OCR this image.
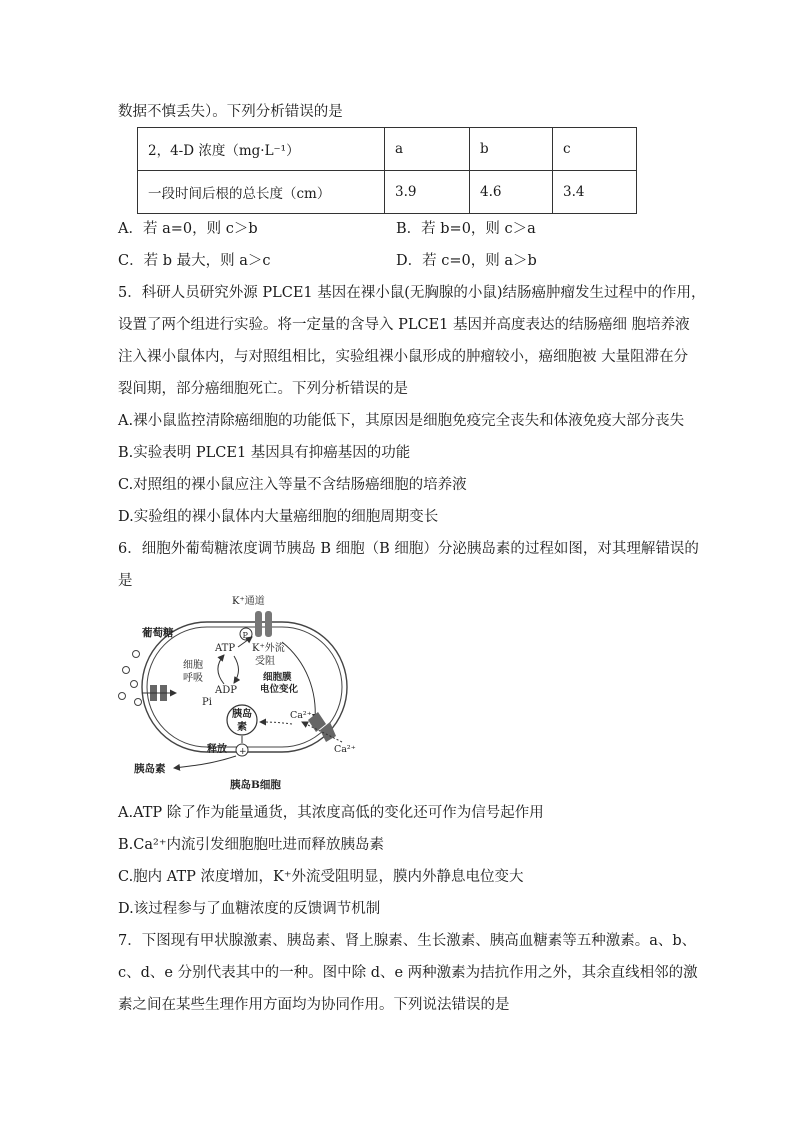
数据不慎丢失）。下列分析错误的是
2，4-D 浓度（mg·L⁻¹）	a	b	c
一段时间后根的总长度（cm）	3.9	4.6	3.4
A．若 a=0，则 c＞b	B．若 b=0，则 c＞a
C．若 b 最大，则 a＞c	D．若 c=0，则 a＞b
5．科研人员研究外源 PLCE1 基因在裸小鼠(无胸腺的小鼠)结肠癌肿瘤发生过程中的作用，
设置了两个组进行实验。将一定量的含导入 PLCE1 基因并高度表达的结肠癌细 胞培养液
注入裸小鼠体内，与对照组相比，实验组裸小鼠形成的肿瘤较小，癌细胞被 大量阻滞在分
裂间期，部分癌细胞死亡。下列分析错误的是
A.裸小鼠监控清除癌细胞的功能低下，其原因是细胞免疫完全丧失和体液免疫大部分丧失
B.实验表明 PLCE1 基因具有抑癌基因的功能
C.对照组的裸小鼠应注入等量不含结肠癌细胞的培养液
D.实验组的裸小鼠体内大量癌细胞的细胞周期变长
6．细胞外葡萄糖浓度调节胰岛 B 细胞（B 细胞）分泌胰岛素的过程如图，对其理解错误的
是
K⁺通道
P
葡萄糖
细胞
呼吸
ATP
ADP
Pi
K⁺外流
受阻
细胞膜
电位变化
Ca²⁺
Ca²⁺
胰岛
素
+
释放
胰岛素
胰岛B细胞
A.ATP 除了作为能量通货，其浓度高低的变化还可作为信号起作用
B.Ca²⁺内流引发细胞胞吐进而释放胰岛素
C.胞内 ATP 浓度增加，K⁺外流受阻明显，膜内外静息电位变大
D.该过程参与了血糖浓度的反馈调节机制
7．下图现有甲状腺激素、胰岛素、肾上腺素、生长激素、胰高血糖素等五种激素。a、b、
c、d、e 分别代表其中的一种。图中除 d、e 两种激素为拮抗作用之外，其余直线相邻的激
素之间在某些生理作用方面均为协同作用。下列说法错误的是
